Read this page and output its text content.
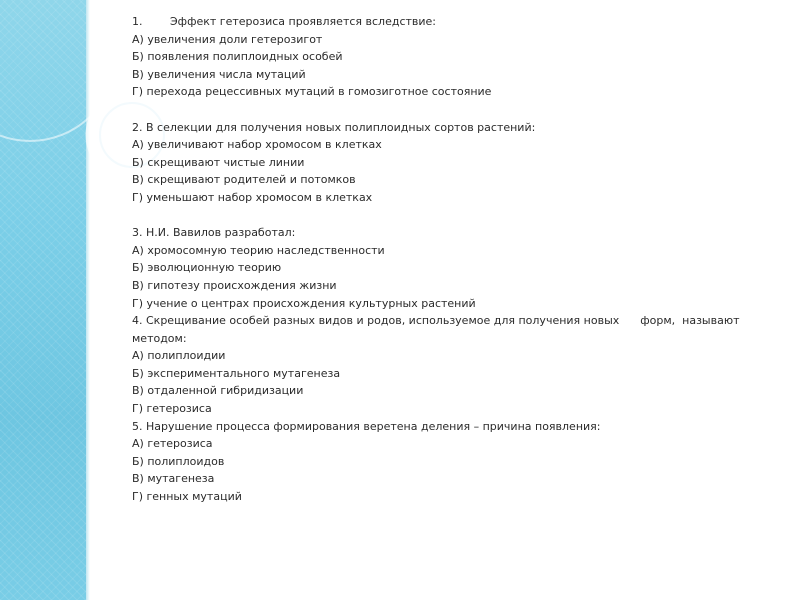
1.	Эффект гетерозиса проявляется вследствие:
А) увеличения доли гетерозигот
Б) появления полиплоидных особей
В) увеличения числа мутаций
Г) перехода рецессивных мутаций в гомозиготное состояние
2. В селекции для получения новых полиплоидных сортов растений:
А) увеличивают набор хромосом в клетках
Б) скрещивают чистые линии
В) скрещивают родителей и потомков
Г) уменьшают набор хромосом в клетках
3. Н.И. Вавилов разработал:
А) хромосомную теорию наследственности
Б) эволюционную теорию
В) гипотезу происхождения жизни
Г) учение о центрах происхождения культурных растений
4. Скрещивание особей разных видов и родов, используемое для получения новых форм,  называют
методом:
А) полиплоидии
Б) экспериментального мутагенеза
В) отдаленной гибридизации
Г) гетерозиса
5. Нарушение процесса формирования веретена деления – причина появления:
А) гетерозиса
Б) полиплоидов
В) мутагенеза
Г) генных мутаций
